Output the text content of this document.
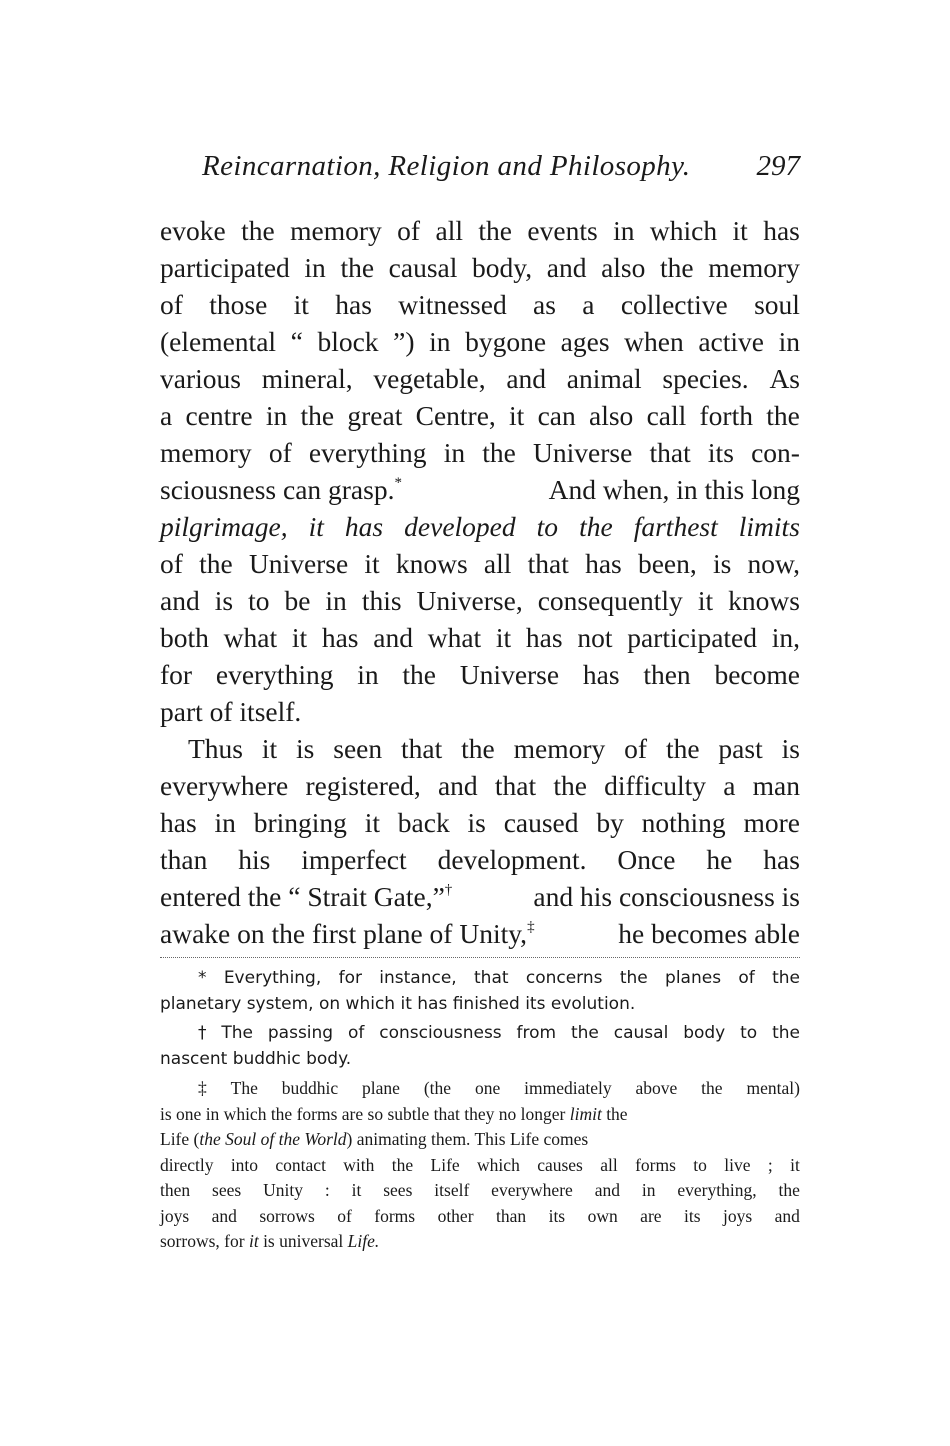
Reincarnation, Religion and Philosophy. 297
evoke the memory of all the events in which it has
participated in the causal body, and also the memory
of those it has witnessed as a collective soul
(elemental “ block ”) in bygone ages when active in
various mineral, vegetable, and animal species. As
a centre in the great Centre, it can also call forth the
memory of everything in the Universe that its con-
sciousness can grasp.*	And when, in this long
pilgrimage, it has developed to the farthest limits
of the Universe it knows all that has been, is now,
and is to be in this Universe, consequently it knows
both what it has and what it has not participated in,
for everything in the Universe has then become
part of itself.
Thus it is seen that the memory of the past is
everywhere registered, and that the difficulty a man
has in bringing it back is caused by nothing more
than his imperfect development. Once he has
entered the “ Strait Gate,”†	and his consciousness is
awake on the first plane of Unity,‡	he becomes able
* Everything, for instance, that concerns the planes of the
planetary system, on which it has finished its evolution.
† The passing of consciousness from the causal body to the
nascent buddhic body.
‡ The buddhic plane (the one immediately above the mental)
is one in which the forms are so subtle that they no longer limit the
Life (the Soul of the World) animating them. This Life comes
directly into contact with the Life which causes all forms to live ; it
then sees Unity : it sees itself everywhere and in everything, the
joys and sorrows of forms other than its own are its joys and
sorrows, for it is universal Life.
